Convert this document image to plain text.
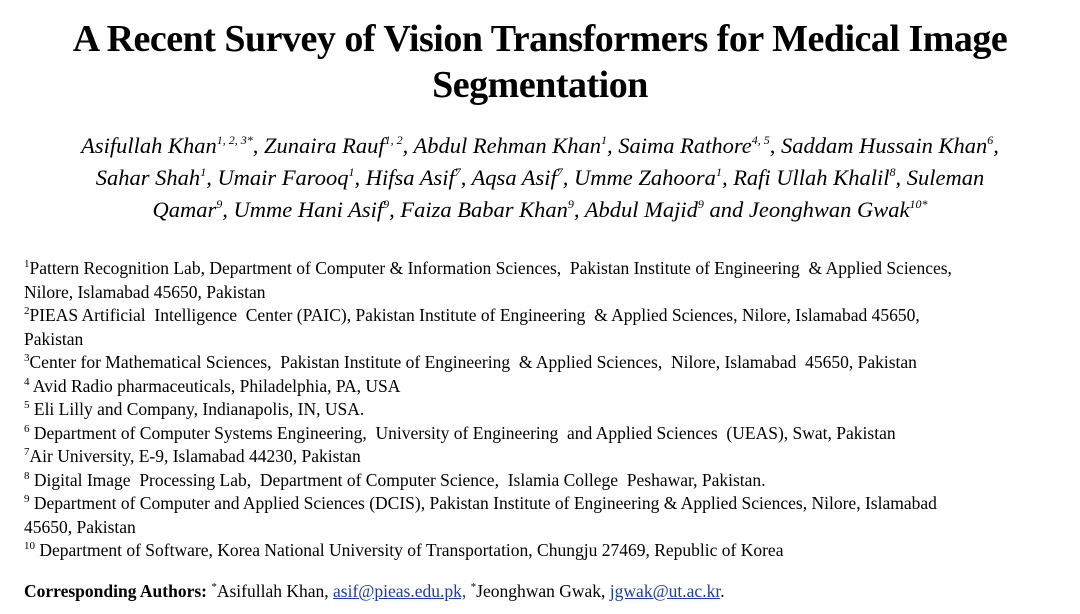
A Recent Survey of Vision Transformers for Medical Image
Segmentation
Asifullah Khan$^{1, 2, 3*}$, Zunaira Rauf$^{1, 2}$, Abdul Rehman Khan$^1$, Saima Rathore$^{4, 5}$, Saddam Hussain Khan$^6$,
Sahar Shah$^1$, Umair Farooq$^1$, Hifsa Asif$^7$, Aqsa Asif$^7$, Umme Zahoora$^1$, Rafi Ullah Khalil$^8$, Suleman
Qamar$^9$, Umme Hani Asif$^9$, Faiza Babar Khan$^9$, Abdul Majid$^9$ and Jeonghwan Gwak$^{10*}$
$^1$Pattern Recognition Lab, Department of Computer & Information Sciences,  Pakistan Institute of Engineering  & Applied Sciences,
Nilore, Islamabad 45650, Pakistan
$^2$PIEAS Artificial  Intelligence  Center (PAIC), Pakistan Institute of Engineering  & Applied Sciences, Nilore, Islamabad 45650,
Pakistan
$^3$Center for Mathematical Sciences,  Pakistan Institute of Engineering  & Applied Sciences,  Nilore, Islamabad  45650, Pakistan
$^4$ Avid Radio pharmaceuticals, Philadelphia, PA, USA
$^5$ Eli Lilly and Company, Indianapolis, IN, USA.
$^6$ Department of Computer Systems Engineering,  University of Engineering  and Applied Sciences  (UEAS), Swat, Pakistan
$^7$Air University, E-9, Islamabad 44230, Pakistan
$^8$ Digital Image  Processing Lab,  Department of Computer Science,  Islamia College  Peshawar, Pakistan.
$^9$ Department of Computer and Applied Sciences (DCIS), Pakistan Institute of Engineering & Applied Sciences, Nilore, Islamabad
45650, Pakistan
$^{10}$ Department of Software, Korea National University of Transportation, Chungju 27469, Republic of Korea
Corresponding Authors: *Asifullah Khan, asif@pieas.edu.pk, *Jeonghwan Gwak, jgwak@ut.ac.kr.
